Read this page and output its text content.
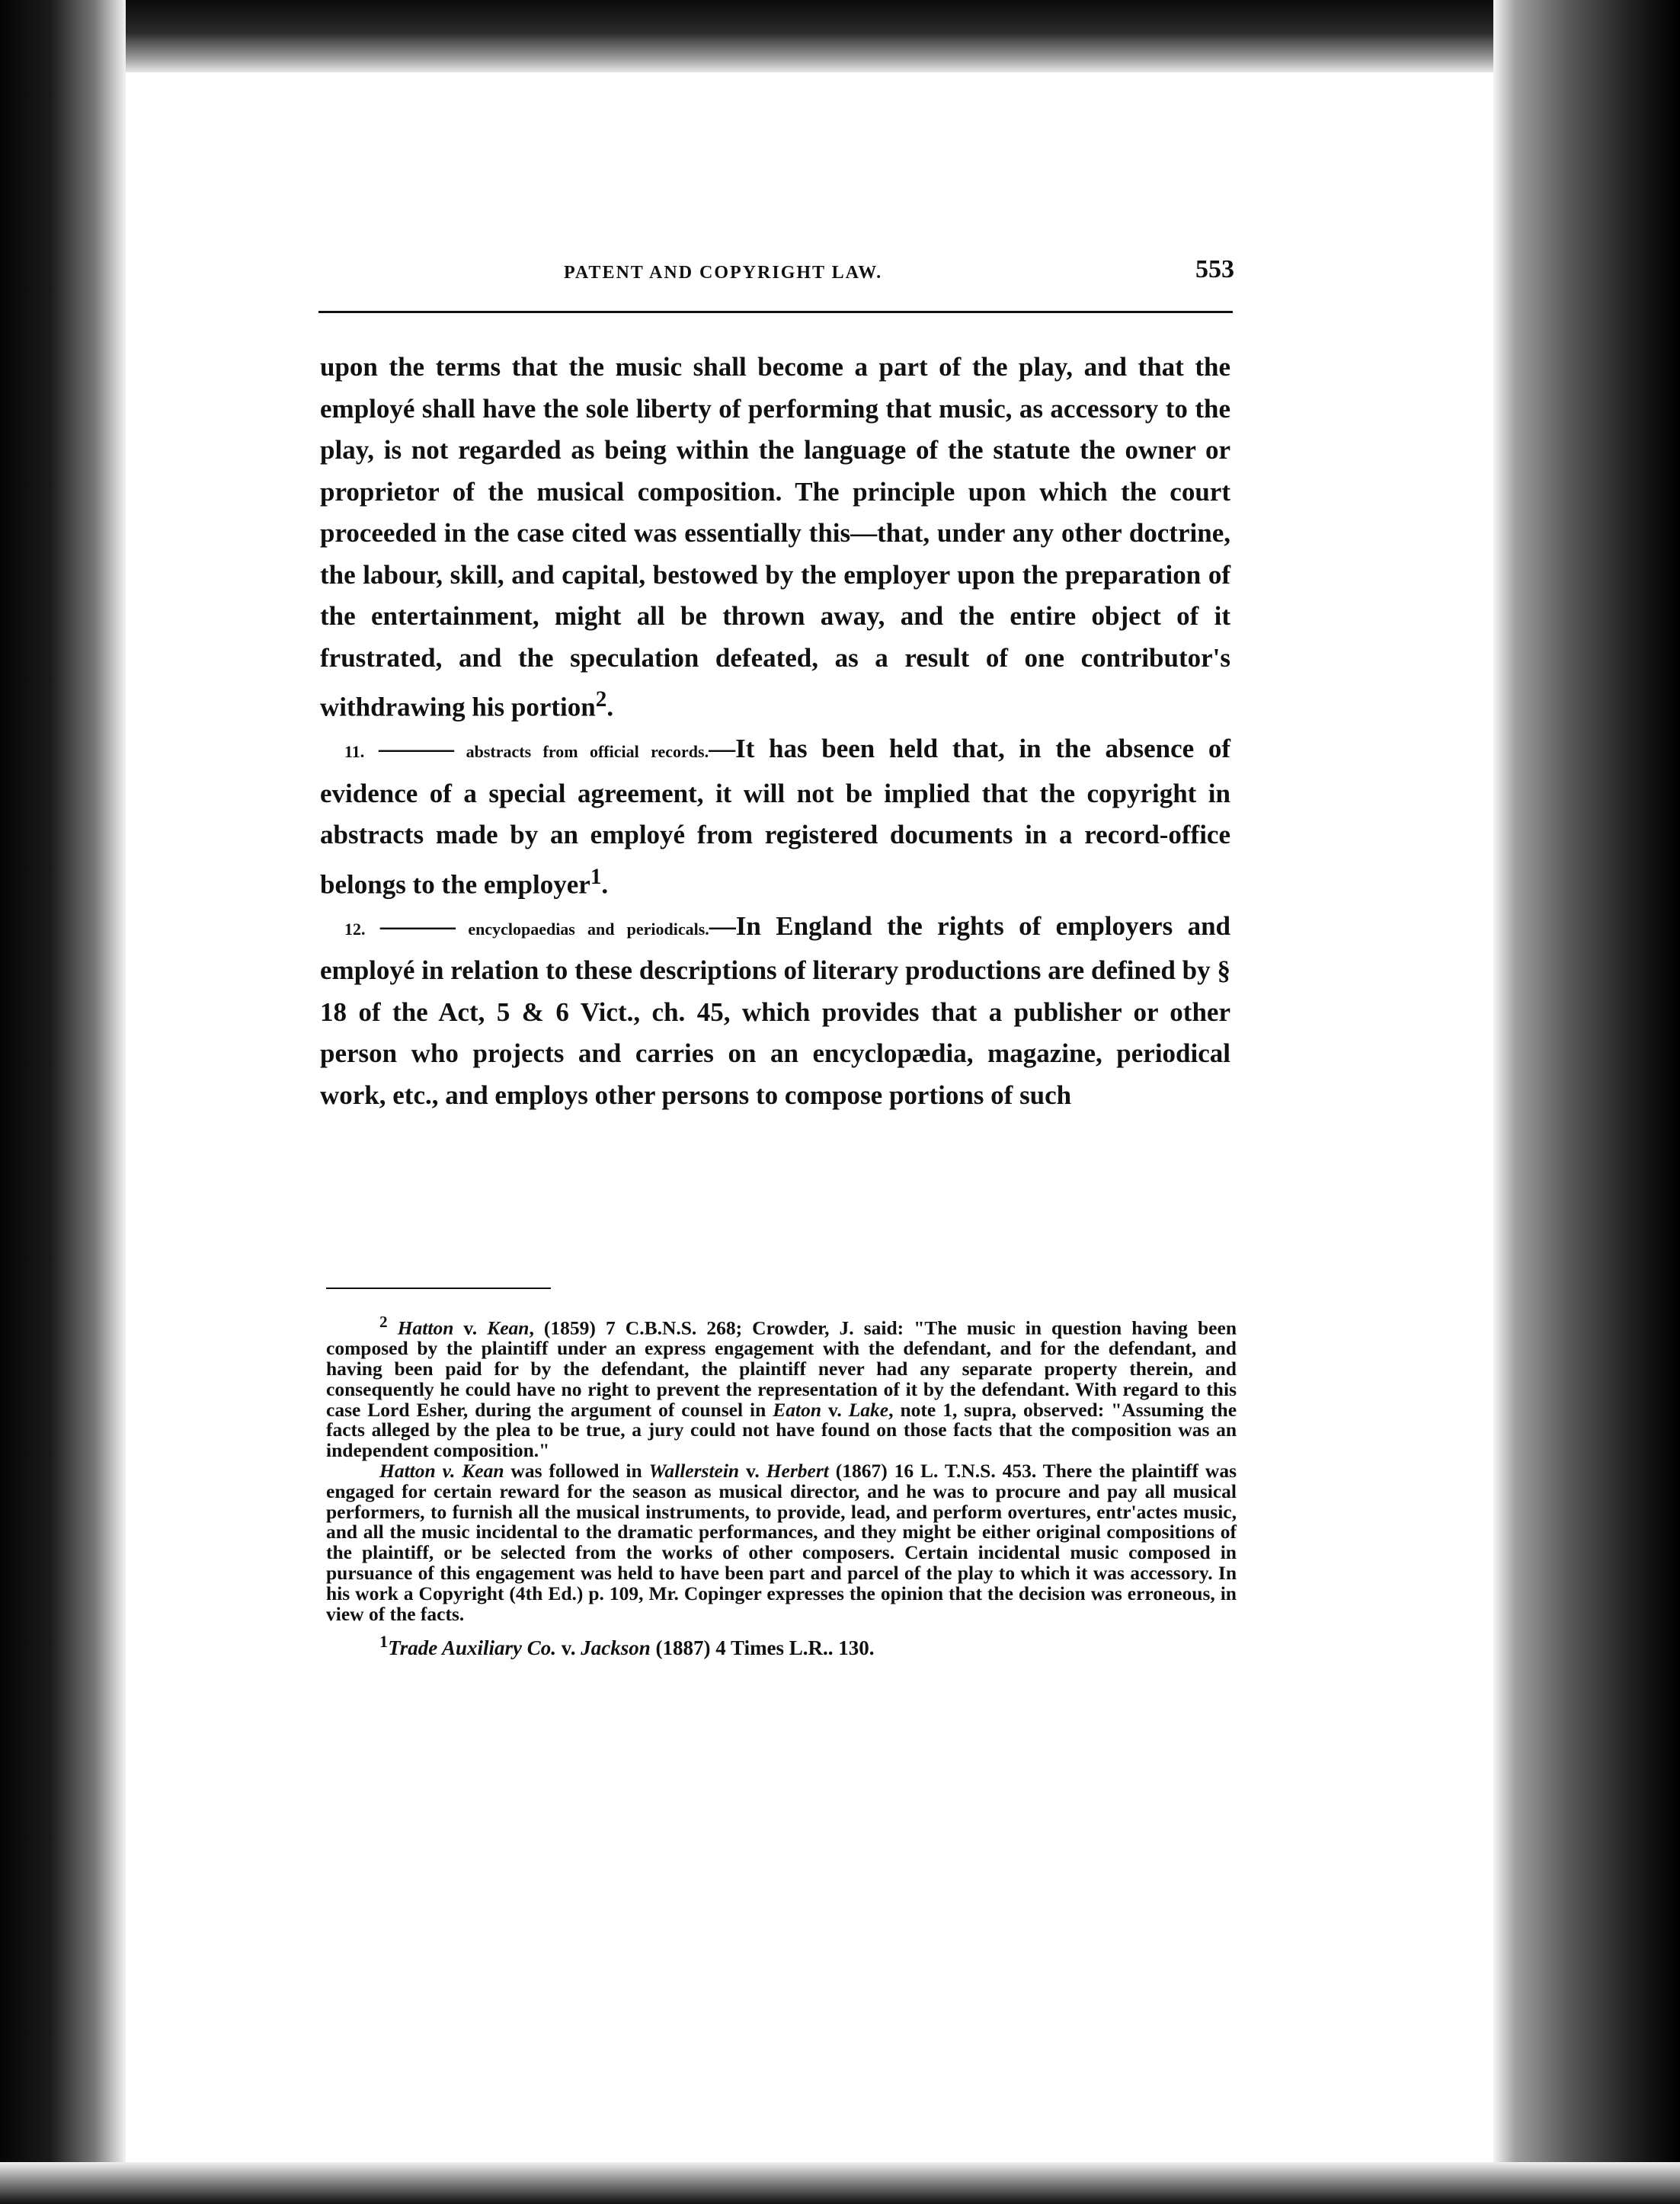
PATENT AND COPYRIGHT LAW.	553

upon the terms that the music shall become a part of the play, and that the employé shall have the sole liberty of performing that music, as accessory to the play, is not regarded as being within the language of the statute the owner or proprietor of the musical composition. The principle upon which the court proceeded in the case cited was essentially this—that, under any other doctrine, the labour, skill, and capital, bestowed by the employer upon the preparation of the entertainment, might all be thrown away, and the entire object of it frustrated, and the speculation defeated, as a result of one contributor's withdrawing his portion$^2$.

11. ——— abstracts from official records.—It has been held that, in the absence of evidence of a special agreement, it will not be implied that the copyright in abstracts made by an employé from registered documents in a record-office belongs to the employer$^1$.

12. ——— encyclopaedias and periodicals.—In England the rights of employers and employé in relation to these descriptions of literary productions are defined by § 18 of the Act, 5 & 6 Vict., ch. 45, which provides that a publisher or other person who projects and carries on an encyclopædia, magazine, periodical work, etc., and employs other persons to compose portions of such

$^2$ Hatton v. Kean, (1859) 7 C.B.N.S. 268; Crowder, J. said: "The music in question having been composed by the plaintiff under an express engagement with the defendant, and for the defendant, and having been paid for by the defendant, the plaintiff never had any separate property therein, and consequently he could have no right to prevent the representation of it by the defendant. With regard to this case Lord Esher, during the argument of counsel in Eaton v. Lake, note 1, supra, observed: "Assuming the facts alleged by the plea to be true, a jury could not have found on those facts that the composition was an independent composition."

Hatton v. Kean was followed in Wallerstein v. Herbert (1867) 16 L. T.N.S. 453. There the plaintiff was engaged for certain reward for the season as musical director, and he was to procure and pay all musical performers, to furnish all the musical instruments, to provide, lead, and perform overtures, entr'actes music, and all the music incidental to the dramatic performances, and they might be either original compositions of the plaintiff, or be selected from the works of other composers. Certain incidental music composed in pursuance of this engagement was held to have been part and parcel of the play to which it was accessory. In his work a Copyright (4th Ed.) p. 109, Mr. Copinger expresses the opinion that the decision was erroneous, in view of the facts.

$^1$Trade Auxiliary Co. v. Jackson (1887) 4 Times L.R.. 130.
